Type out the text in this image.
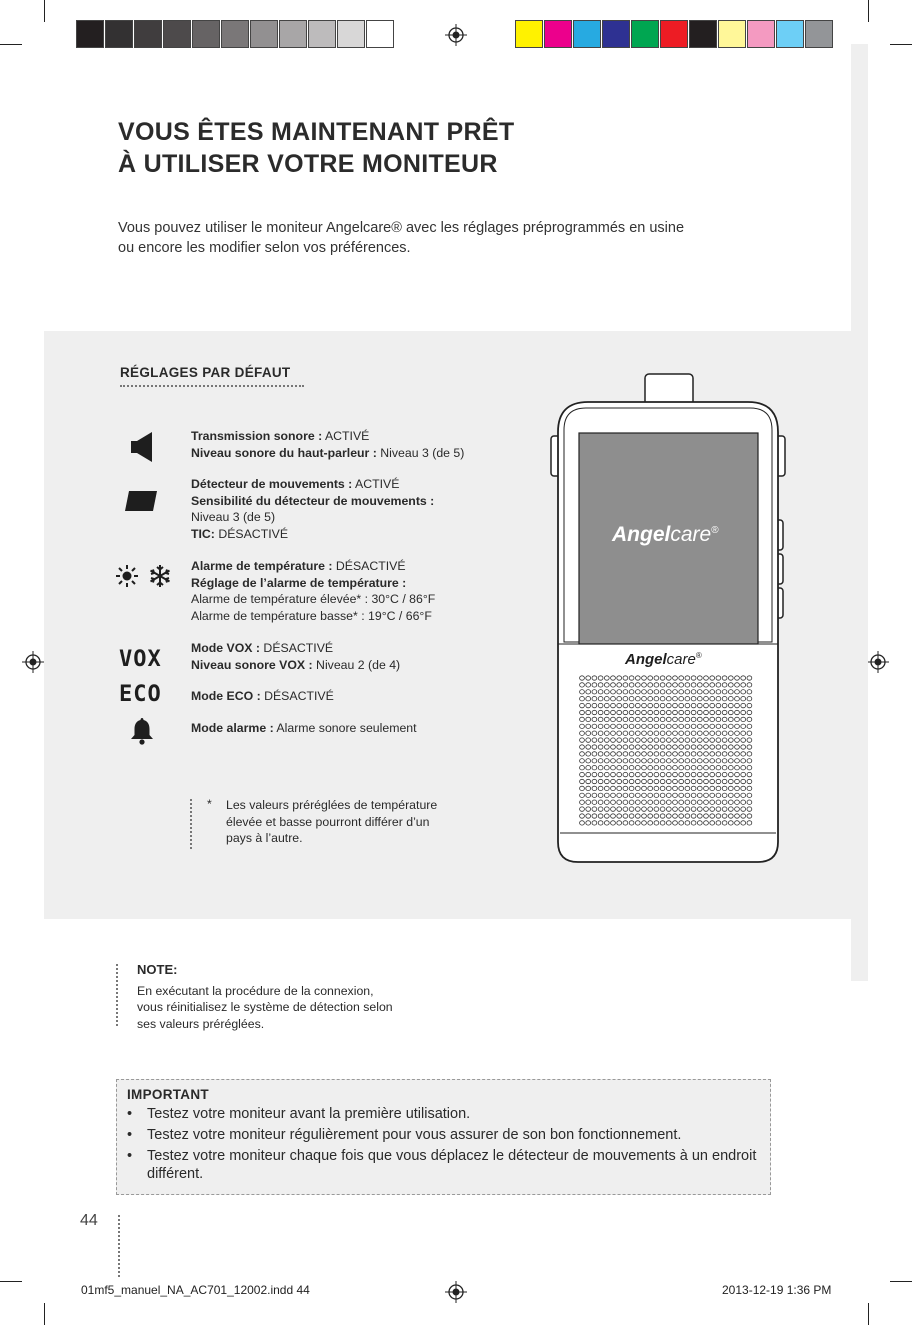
VOUS ÊTES MAINTENANT PRÊT
À UTILISER VOTRE MONITEUR
Vous pouvez utiliser le moniteur Angelcare® avec les réglages préprogrammés en usine
ou encore les modifier selon vos préférences.
RÉGLAGES PAR DÉFAUT
Transmission sonore : ACTIVÉ
Niveau sonore du haut-parleur : Niveau 3 (de 5)
Détecteur de mouvements : ACTIVÉ
Sensibilité du détecteur de mouvements :
Niveau 3 (de 5)
TIC: DÉSACTIVÉ
Alarme de température : DÉSACTIVÉ
Réglage de l’alarme de température :
Alarme de température élevée* : 30°C / 86°F
Alarme de température basse* : 19°C / 66°F
VOX Mode VOX : DÉSACTIVÉ
Niveau sonore VOX : Niveau 2 (de 4)
ECO Mode ECO : DÉSACTIVÉ
Mode alarme : Alarme sonore seulement
* Les valeurs préréglées de température
élevée et basse pourront différer d’un
pays à l’autre.
Angelcare®
Angelcare®
NOTE:
En exécutant la procédure de la connexion,
vous réinitialisez le système de détection selon
ses valeurs préréglées.
IMPORTANT
• Testez votre moniteur avant la première utilisation.
• Testez votre moniteur régulièrement pour vous assurer de son bon fonctionnement.
• Testez votre moniteur chaque fois que vous déplacez le détecteur de mouvements à un endroit différent.
44
01mf5_manuel_NA_AC701_12002.indd 44	2013-12-19 1:36 PM
